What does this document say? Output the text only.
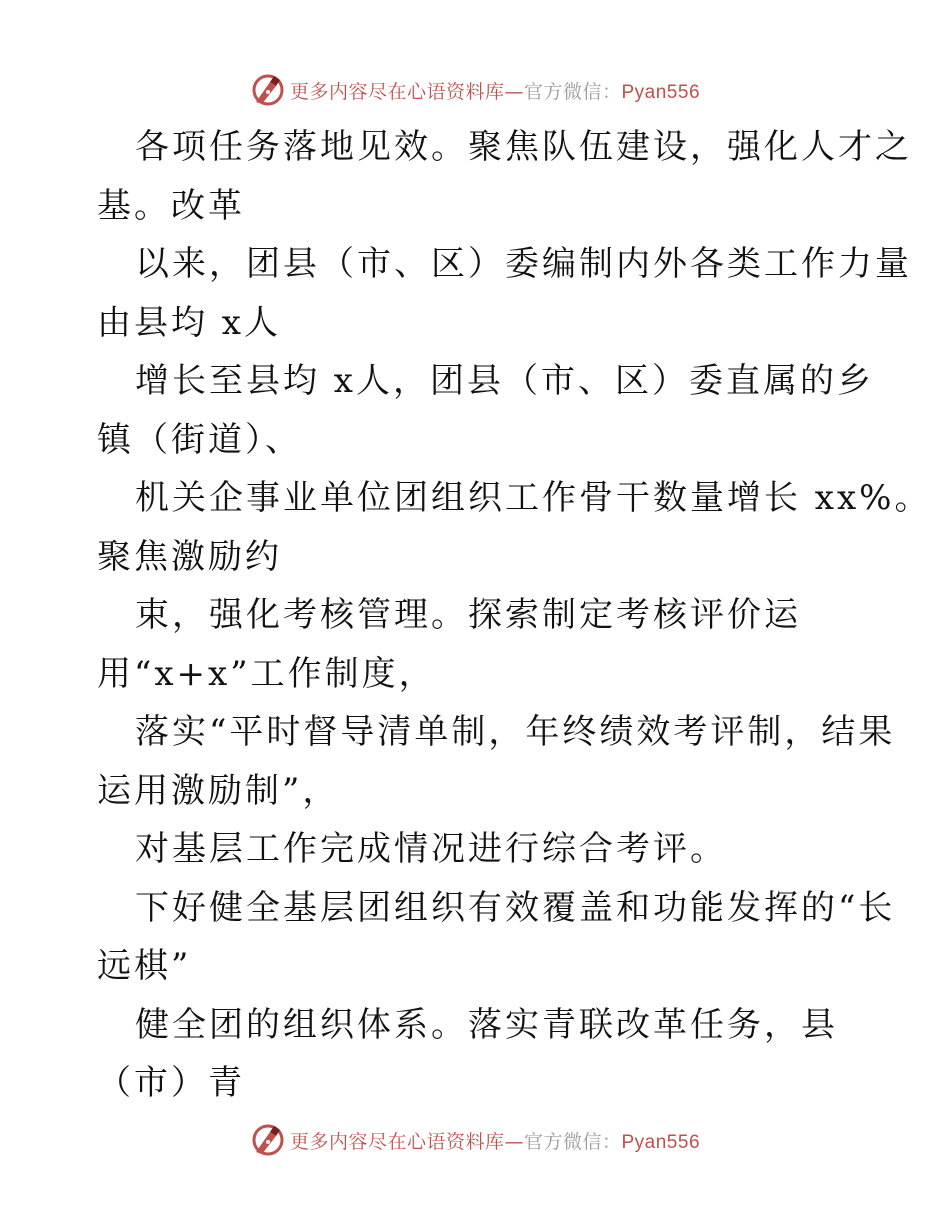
更多内容尽在心语资料库—官方微信：Pyan556
各项任务落地见效。聚焦队伍建设，强化人才之
基。改革
以来，团县（市、区）委编制内外各类工作力量
由县均 x人
增长至县均 x人，团县（市、区）委直属的乡
镇（街道）、
机关企事业单位团组织工作骨干数量增长 xx%。
聚焦激励约
束，强化考核管理。探索制定考核评价运
用“x+x”工作制度，
落实“平时督导清单制，年终绩效考评制，结果
运用激励制”，
对基层工作完成情况进行综合考评。
下好健全基层团组织有效覆盖和功能发挥的“长
远棋”
健全团的组织体系。落实青联改革任务，县
（市）青
更多内容尽在心语资料库—官方微信：Pyan556
